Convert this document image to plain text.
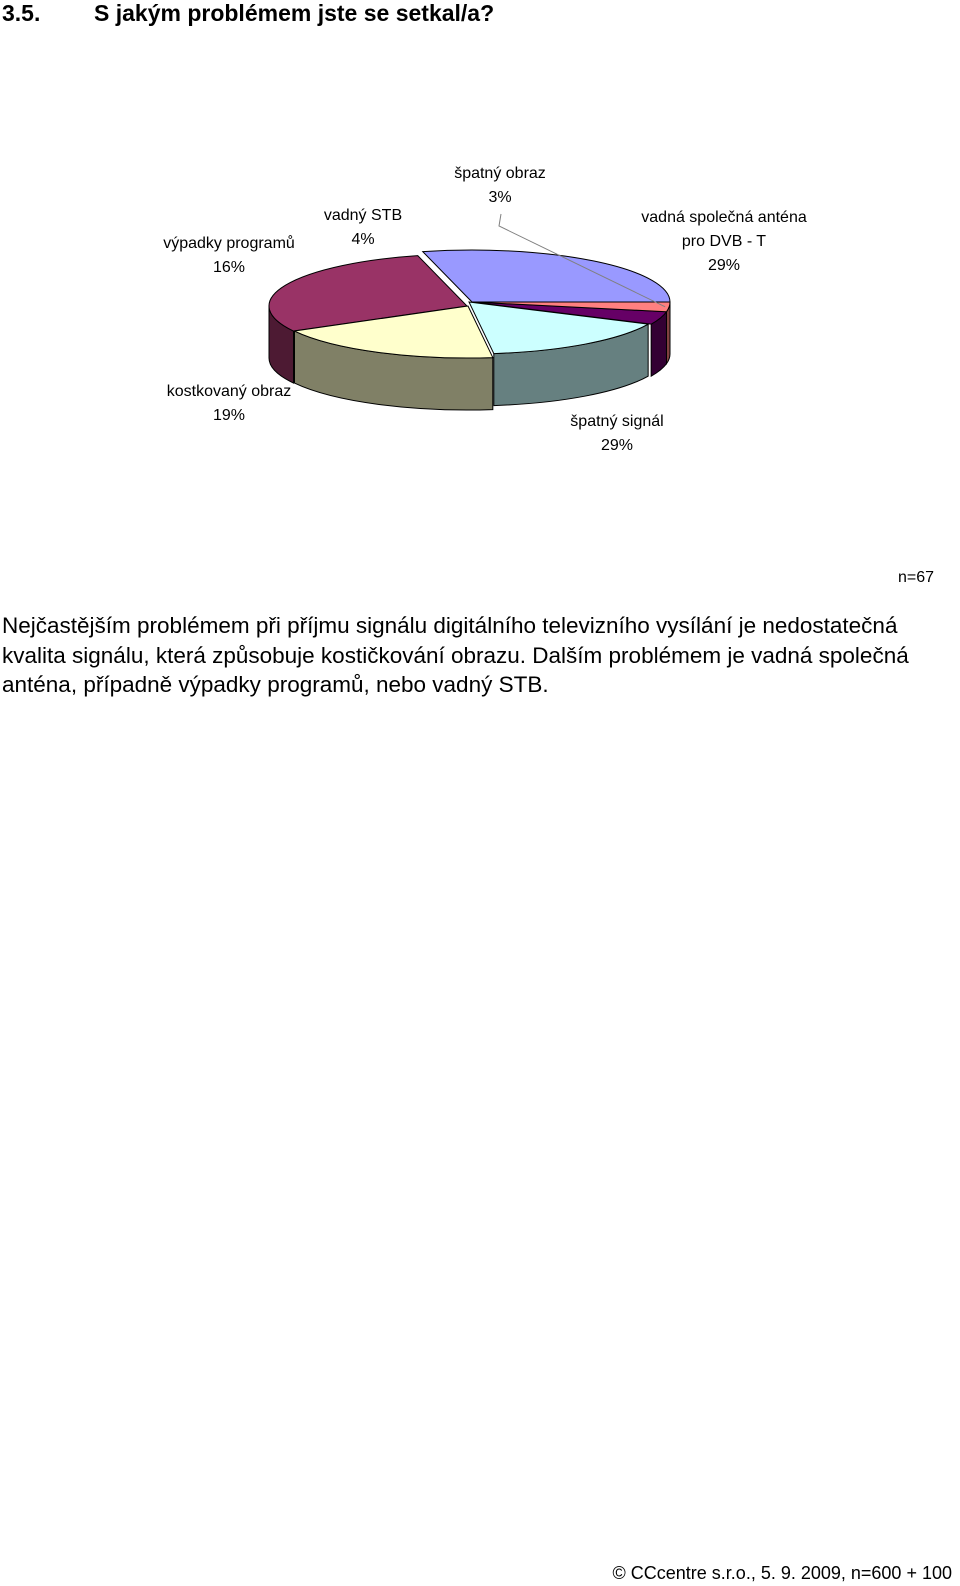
3.5. S jakým problémem jste se setkal/a?
vadná společná anténa pro DVB - T 29%
špatný signál 29%
kostkovaný obraz 19%
výpadky programů 16%
vadný STB 4%
špatný obraz 3%
n=67
Nejčastějším problémem při příjmu signálu digitálního televizního vysílání je nedostatečná kvalita signálu, která způsobuje kostičkování obrazu. Dalším problémem je vadná společná anténa, případně výpadky programů, nebo vadný STB.
© CCcentre s.r.o., 5. 9. 2009, n=600 + 100
